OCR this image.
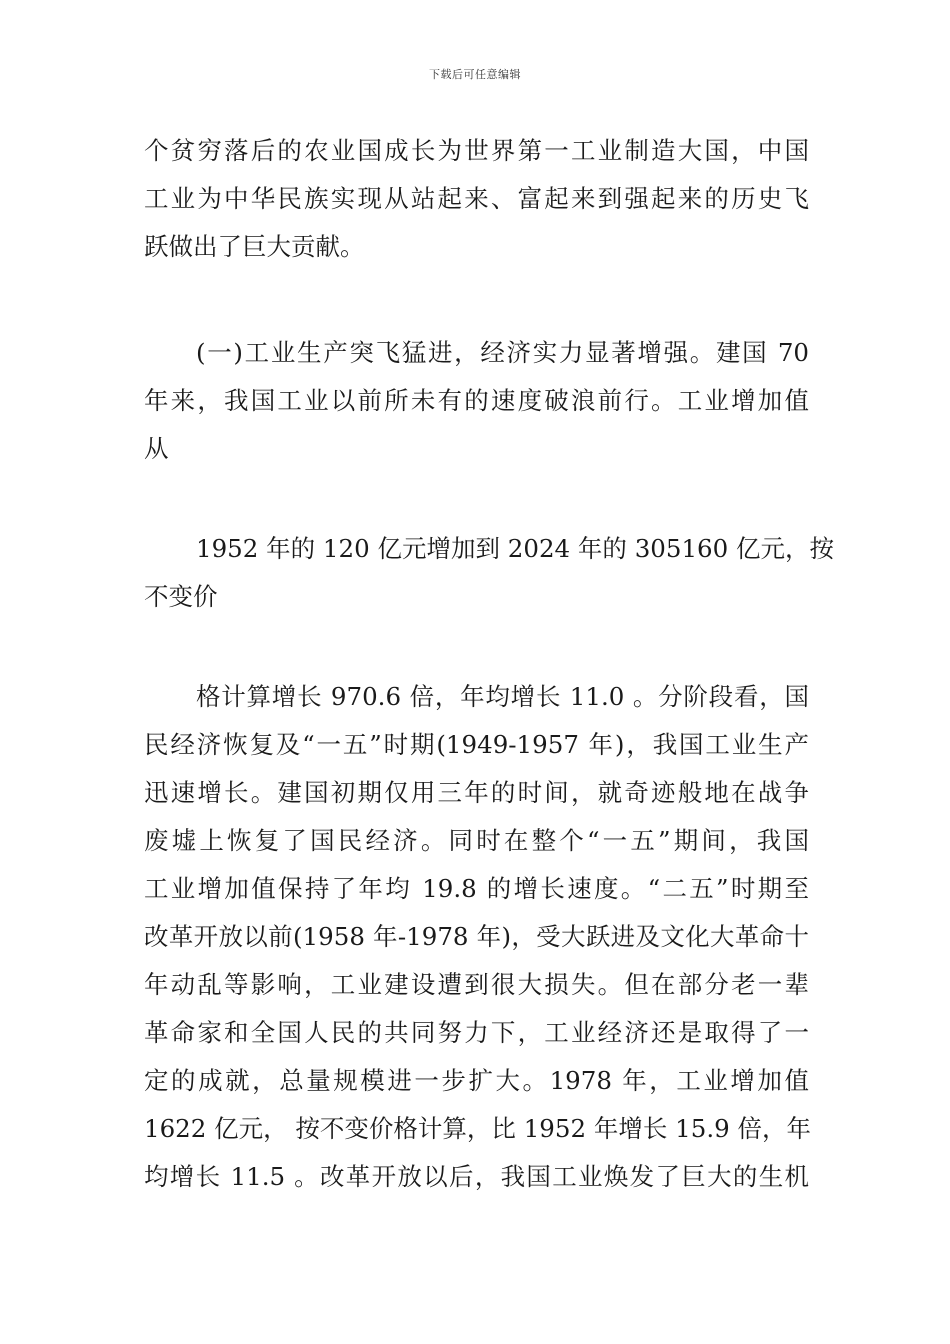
下载后可任意编辑
个贫穷落后的农业国成长为世界第一工业制造大国，中国
工业为中华民族实现从站起来、富起来到强起来的历史飞
跃做出了巨大贡献。
(一)工业生产突飞猛进，经济实力显著增强。建国 70
年来，我国工业以前所未有的速度破浪前行。工业增加值
从
1952 年的 120 亿元增加到 2024 年的 305160 亿元，按
不变价
格计算增长 970.6 倍，年均增长 11.0 。分阶段看，国
民经济恢复及“一五”时期(1949-1957 年)，我国工业生产
迅速增长。建国初期仅用三年的时间，就奇迹般地在战争
废墟上恢复了国民经济。同时在整个“一五”期间，我国
工业增加值保持了年均 19.8 的增长速度。“二五”时期至
改革开放以前(1958 年-1978 年)，受大跃进及文化大革命十
年动乱等影响，工业建设遭到很大损失。但在部分老一辈
革命家和全国人民的共同努力下，工业经济还是取得了一
定的成就，总量规模进一步扩大。1978 年，工业增加值
1622 亿元， 按不变价格计算，比 1952 年增长 15.9 倍，年
均增长 11.5 。改革开放以后，我国工业焕发了巨大的生机
